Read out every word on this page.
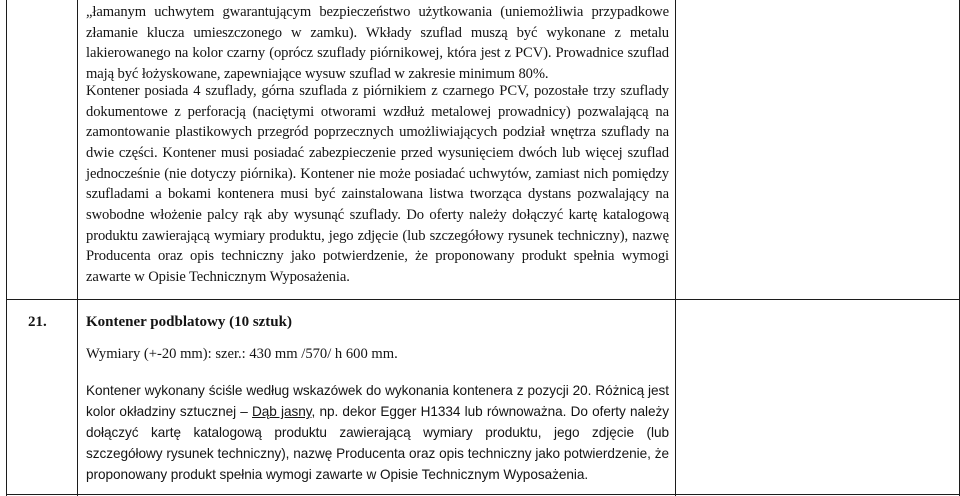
„łamanym uchwytem gwarantującym bezpieczeństwo użytkowania (uniemożliwia przypadkowe złamanie klucza umieszczonego w zamku). Wkłady szuflad muszą być wykonane z metalu lakierowanego na kolor czarny (oprócz szuflady piórnikowej, która jest z PCV). Prowadnice szuflad mają być łożyskowane, zapewniające wysuw szuflad w zakresie minimum 80%.

Kontener posiada 4 szuflady, górna szuflada z piórnikiem z czarnego PCV, pozostałe trzy szuflady dokumentowe z perforacją (naciętymi otworami wzdłuż metalowej prowadnicy) pozwalającą na zamontowanie plastikowych przegród poprzecznych umożliwiających podział wnętrza szuflady na dwie części. Kontener musi posiadać zabezpieczenie przed wysunięciem dwóch lub więcej szuflad jednocześnie (nie dotyczy piórnika). Kontener nie może posiadać uchwytów, zamiast nich pomiędzy szufladami a bokami kontenera musi być zainstalowana listwa tworząca dystans pozwalający na swobodne włożenie palcy rąk aby wysunąć szuflady. Do oferty należy dołączyć kartę katalogową produktu zawierającą wymiary produktu, jego zdjęcie (lub szczegółowy rysunek techniczny), nazwę Producenta oraz opis techniczny jako potwierdzenie, że proponowany produkt spełnia wymogi zawarte w Opisie Technicznym Wyposażenia.

21.	Kontener podblatowy (10 sztuk)

Wymiary (+-20 mm): szer.: 430 mm /570/ h 600 mm.

Kontener wykonany ściśle według wskazówek do wykonania kontenera z pozycji 20. Różnicą jest kolor okładziny sztucznej – Dąb jasny, np. dekor Egger H1334 lub równoważna. Do oferty należy dołączyć kartę katalogową produktu zawierającą wymiary produktu, jego zdjęcie (lub szczegółowy rysunek techniczny), nazwę Producenta oraz opis techniczny jako potwierdzenie, że proponowany produkt spełnia wymogi zawarte w Opisie Technicznym Wyposażenia.
